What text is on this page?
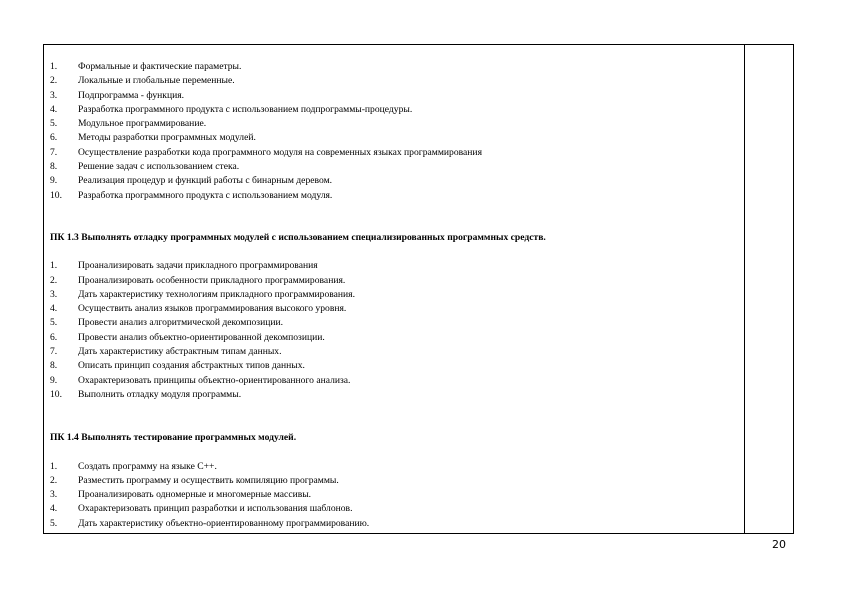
1.	Формальные и фактические параметры.
2.	Локальные и глобальные переменные.
3.	Подпрограмма - функция.
4.	Разработка программного продукта с использованием подпрограммы-процедуры.
5.	Модульное программирование.
6.	Методы разработки программных модулей.
7.	Осуществление разработки кода программного модуля на современных языках программирования
8.	Решение задач с использованием стека.
9.	Реализация процедур и функций работы с бинарным деревом.
10.	Разработка программного продукта с использованием модуля.

ПК 1.3 Выполнять отладку программных модулей с использованием специализированных программных средств.

1.	Проанализировать задачи прикладного программирования
2.	Проанализировать особенности прикладного программирования.
3.	Дать характеристику технологиям прикладного программирования.
4.	Осуществить анализ языков программирования высокого уровня.
5.	Провести анализ алгоритмической декомпозиции.
6.	Провести анализ объектно-ориентированной декомпозиции.
7.	Дать характеристику абстрактным типам данных.
8.	Описать принцип создания абстрактных типов данных.
9.	Охарактеризовать принципы объектно-ориентированного анализа.
10.	Выполнить отладку модуля программы.

ПК 1.4 Выполнять тестирование программных модулей.

1.	Создать программу на языке С++.
2.	Разместить программу и осуществить компиляцию программы.
3.	Проанализировать одномерные и многомерные массивы.
4.	Охарактеризовать принцип разработки и использования шаблонов.
5.	Дать характеристику объектно-ориентированному программированию.
20
